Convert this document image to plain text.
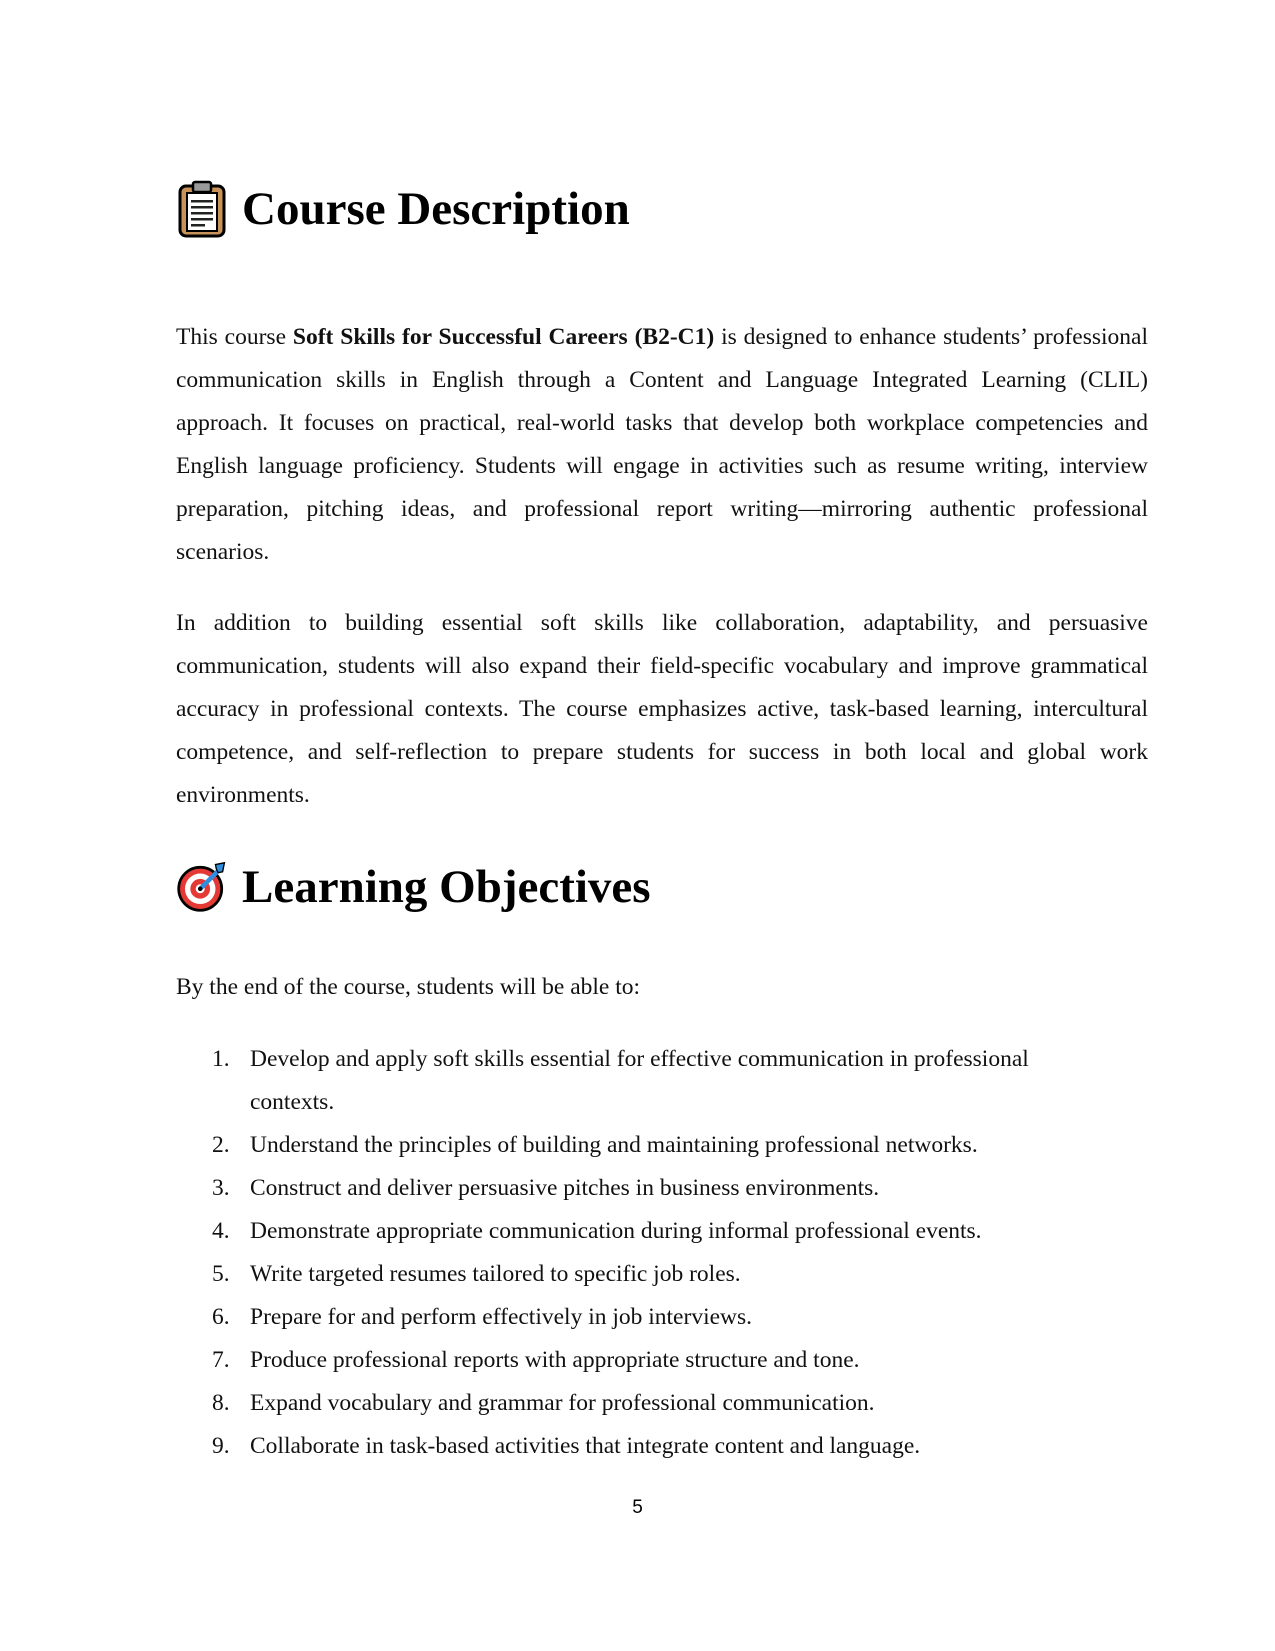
Course Description

This course Soft Skills for Successful Careers (B2-C1) is designed to enhance students’ professional communication skills in English through a Content and Language Integrated Learning (CLIL) approach. It focuses on practical, real-world tasks that develop both workplace competencies and English language proficiency. Students will engage in activities such as resume writing, interview preparation, pitching ideas, and professional report writing—mirroring authentic professional scenarios.

In addition to building essential soft skills like collaboration, adaptability, and persuasive communication, students will also expand their field-specific vocabulary and improve grammatical accuracy in professional contexts. The course emphasizes active, task-based learning, intercultural competence, and self-reflection to prepare students for success in both local and global work environments.

Learning Objectives

By the end of the course, students will be able to:

1. Develop and apply soft skills essential for effective communication in professional contexts.
2. Understand the principles of building and maintaining professional networks.
3. Construct and deliver persuasive pitches in business environments.
4. Demonstrate appropriate communication during informal professional events.
5. Write targeted resumes tailored to specific job roles.
6. Prepare for and perform effectively in job interviews.
7. Produce professional reports with appropriate structure and tone.
8. Expand vocabulary and grammar for professional communication.
9. Collaborate in task-based activities that integrate content and language.
5
